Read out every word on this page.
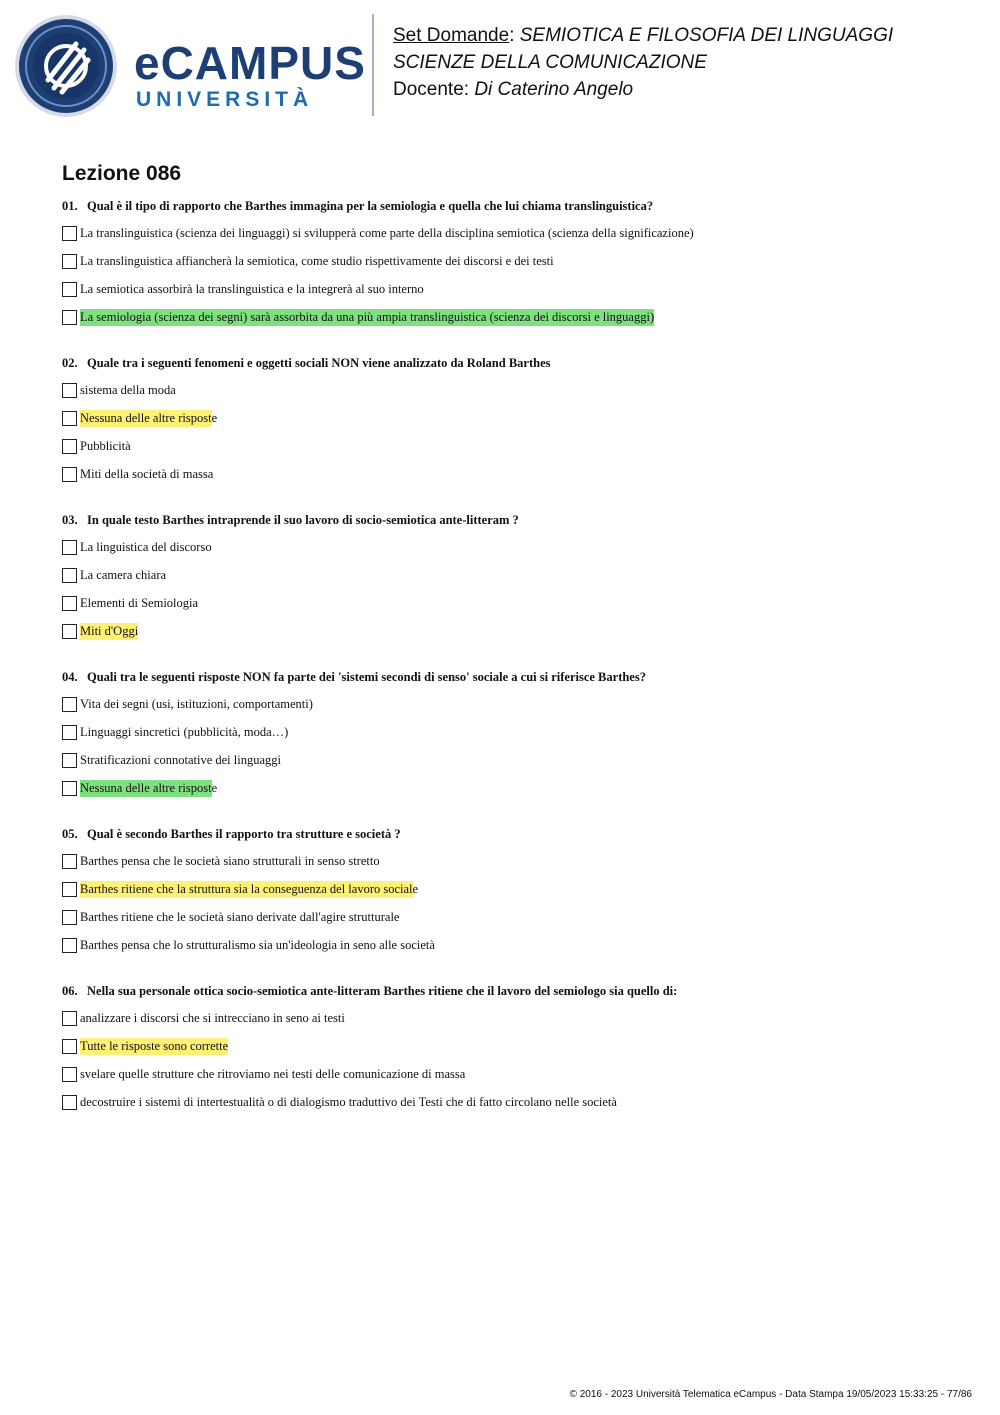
eCAMPUS
UNIVERSITÀ
Set Domande: SEMIOTICA E FILOSOFIA DEI LINGUAGGI
SCIENZE DELLA COMUNICAZIONE
Docente: Di Caterino Angelo
Lezione 086
01. Qual è il tipo di rapporto che Barthes immagina per la semiologia e quella che lui chiama translinguistica?
La translinguistica (scienza dei linguaggi) si svilupperà come parte della disciplina semiotica (scienza della significazione)
La translinguistica affiancherà la semiotica, come studio rispettivamente dei discorsi e dei testi
La semiotica assorbirà la translinguistica e la integrerà al suo interno
La semiologia (scienza dei segni) sarà assorbita da una più ampia translinguistica (scienza dei discorsi e linguaggi)
02. Quale tra i seguenti fenomeni e oggetti sociali NON viene analizzato da Roland Barthes
sistema della moda
Nessuna delle altre rispost e
Pubblicità
Miti della società di massa
03. In quale testo Barthes intraprende il suo lavoro di socio-semiotica ante-litteram ?
La linguistica del discorso
La camera chiara
Elementi di Semiologia
Miti d'Oggi
04. Quali tra le seguenti risposte NON fa parte dei 'sistemi secondi di senso' sociale a cui si riferisce Barthes?
Vita dei segni (usi, istituzioni, comportamenti)
Linguaggi sincretici (pubblicità, moda…)
Stratificazioni connotative dei linguaggi
Nessuna delle altre rispost e
05. Qual è secondo Barthes il rapporto tra strutture e società ?
Barthes pensa che le società siano strutturali in senso stretto
Barthes ritiene che la struttura sia la conseguenza del lavoro social e
Barthes ritiene che le società siano derivate dall'agire strutturale
Barthes pensa che lo strutturalismo sia un'ideologia in seno alle società
06. Nella sua personale ottica socio-semiotica ante-litteram Barthes ritiene che il lavoro del semiologo sia quello di:
analizzare i discorsi che si intrecciano in seno ai testi
Tutte le risposte sono corrette
svelare quelle strutture che ritroviamo nei testi delle comunicazione di massa
decostruire i sistemi di intertestualità o di dialogismo traduttivo dei Testi che di fatto circolano nelle società
© 2016 - 2023 Università Telematica eCampus - Data Stampa 19/05/2023 15:33:25 - 77/86
